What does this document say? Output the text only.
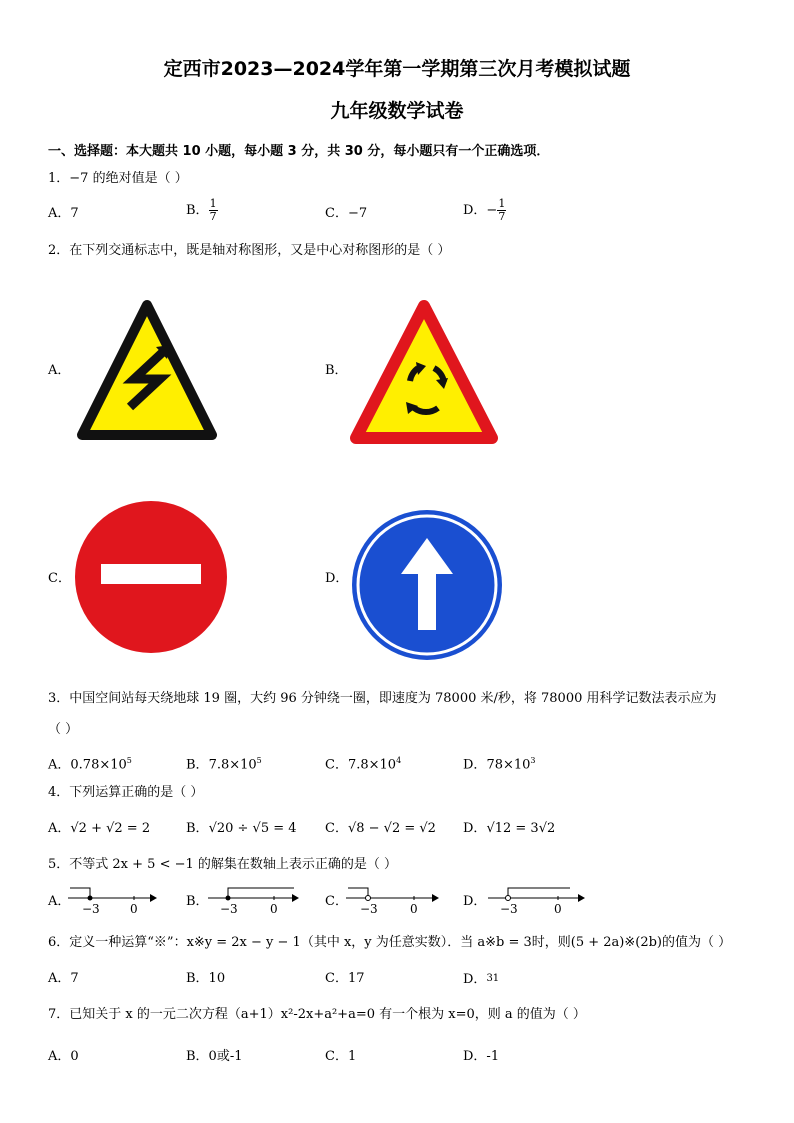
定西市2023—2024学年第一学期第三次月考模拟试题
九年级数学试卷
一、选择题：本大题共 10 小题，每小题 3 分，共 30 分，每小题只有一个正确选项．
1．−7 的绝对值是（ ）
A．7	B． $\frac{1}{7}$	C．−7	D．− $\frac{1}{7}$
2．在下列交通标志中，既是轴对称图形，又是中心对称图形的是（ ）
A．	B．
C．	D．
3．中国空间站每天绕地球 19 圈，大约 96 分钟绕一圈，即速度为 78000 米/秒，将 78000 用科学记数法表示应为
（ ）
A．$0.78\times 10^5$	B．$7.8\times 10^5$	C．$7.8\times 10^4$	D．$78\times 10^3$
4．下列运算正确的是（ ）
A．√2 + √2 = 2	B．√20 ÷ √5 = 4 C．√8 − √2 = √2 D．√12 = 3√2
5．不等式 2x + 5 < −1 的解集在数轴上表示正确的是（ ）
A． −3	0	B． −3	0	C． −3	0	D． −3	0
6．定义一种运算“※”：x※y = 2x − y − 1（其中 x，y 为任意实数）．当 a※b = 3时，则(5 + 2a)※(2b)的值为（ ）
A．7	B．10	C．17	D．31
7．已知关于 x 的一元二次方程（a+1）x²-2x+a²+a=0 有一个根为 x=0，则 a 的值为（ ）
A．0	B．0或-1	C．1	D．-1
